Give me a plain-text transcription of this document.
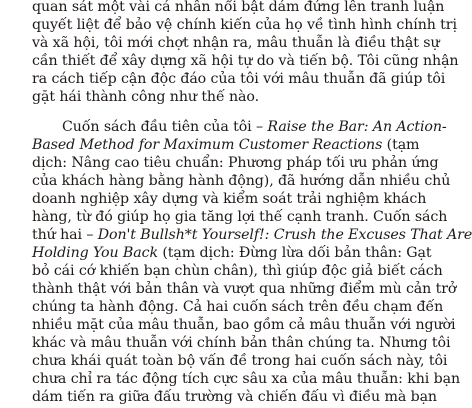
quan sát một vài cá nhân nổi bật dám đứng lên tranh luận
quyết liệt để bảo vệ chính kiến của họ về tình hình chính trị
và xã hội, tôi mới chợt nhận ra, mâu thuẫn là điều thật sự
cần thiết để xây dựng xã hội tự do và tiến bộ. Tôi cũng nhận
ra cách tiếp cận độc đáo của tôi với mâu thuẫn đã giúp tôi
gặt hái thành công như thế nào.
Cuốn sách đầu tiên của tôi – Raise the Bar: An Action-
Based Method for Maximum Customer Reactions (tạm
dịch: Nâng cao tiêu chuẩn: Phương pháp tối ưu phản ứng
của khách hàng bằng hành động), đã hướng dẫn nhiều chủ
doanh nghiệp xây dựng và kiểm soát trải nghiệm khách
hàng, từ đó giúp họ gia tăng lợi thế cạnh tranh. Cuốn sách
thứ hai – Don't Bullsh*t Yourself!: Crush the Excuses That Are
Holding You Back (tạm dịch: Đừng lừa dối bản thân: Gạt
bỏ cái cớ khiến bạn chùn chân), thì giúp độc giả biết cách
thành thật với bản thân và vượt qua những điểm mù cản trở
chúng ta hành động. Cả hai cuốn sách trên đều chạm đến
nhiều mặt của mâu thuẫn, bao gồm cả mâu thuẫn với người
khác và mâu thuẫn với chính bản thân chúng ta. Nhưng tôi
chưa khái quát toàn bộ vấn đề trong hai cuốn sách này, tôi
chưa chỉ ra tác động tích cực sâu xa của mâu thuẫn: khi bạn
dám tiến ra giữa đấu trường và chiến đấu vì điều mà bạn
